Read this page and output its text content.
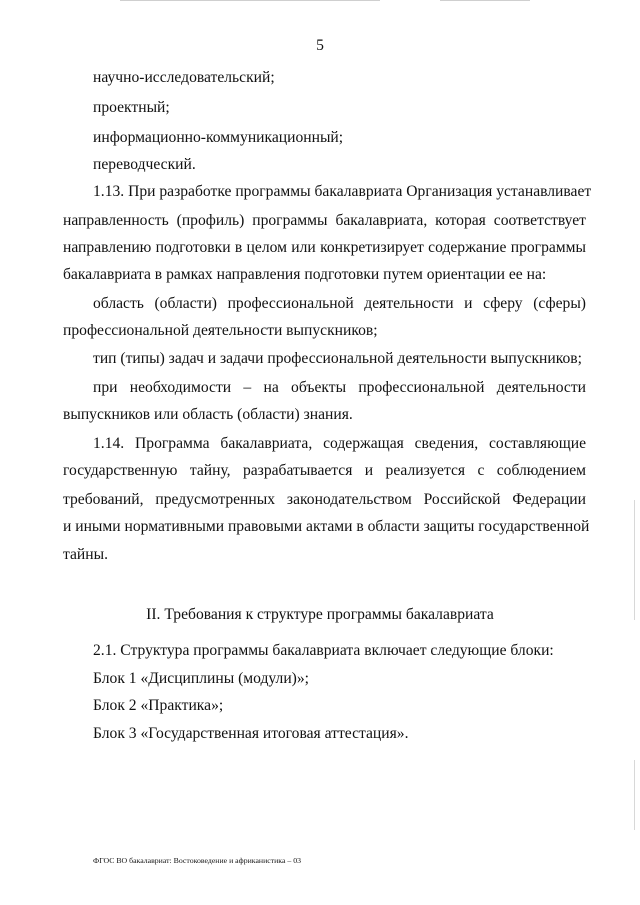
5
научно-исследовательский;
проектный;
информационно-коммуникационный;
переводческий.
1.13. При разработке программы бакалавриата Организация устанавливает
направленность (профиль) программы бакалавриата, которая соответствует
направлению подготовки в целом или конкретизирует содержание программы
бакалавриата в рамках направления подготовки путем ориентации ее на:
область (области) профессиональной деятельности и сферу (сферы)
профессиональной деятельности выпускников;
тип (типы) задач и задачи профессиональной деятельности выпускников;
при необходимости – на объекты профессиональной деятельности
выпускников или область (области) знания.
1.14. Программа бакалавриата, содержащая сведения, составляющие
государственную тайну, разрабатывается и реализуется с соблюдением
требований, предусмотренных законодательством Российской Федерации
и иными нормативными правовыми актами в области защиты государственной
тайны.
II. Требования к структуре программы бакалавриата
2.1. Структура программы бакалавриата включает следующие блоки:
Блок 1 «Дисциплины (модули)»;
Блок 2 «Практика»;
Блок 3 «Государственная итоговая аттестация».
ФГОС ВО бакалавриат: Востоковедение и африканистика – 03
